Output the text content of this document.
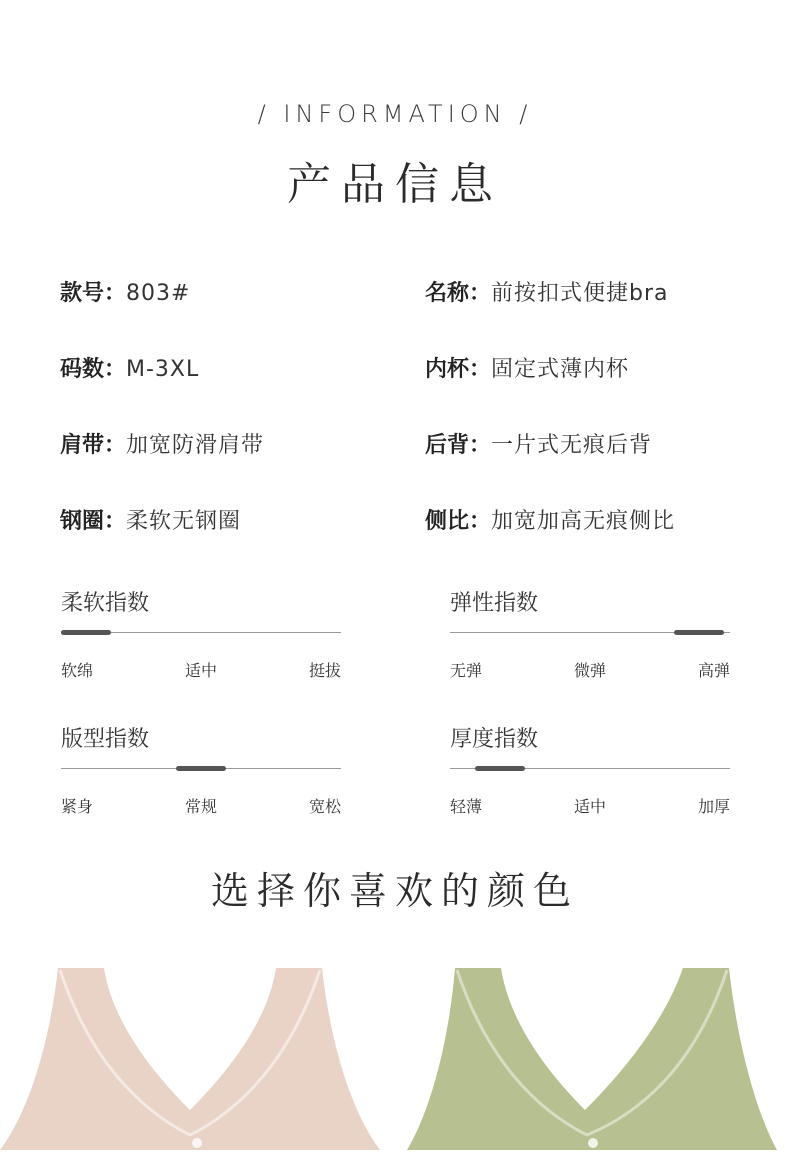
/ INFORMATION /
产品信息
款号：803#	名称：前按扣式便捷bra
码数：M-3XL	内杯：固定式薄内杯
肩带：加宽防滑肩带	后背：一片式无痕后背
钢圈：柔软无钢圈	侧比：加宽加高无痕侧比
柔软指数
软绵	适中	挺拔
弹性指数
无弹	微弹	高弹
版型指数
紧身	常规	宽松
厚度指数
轻薄	适中	加厚
选择你喜欢的颜色
